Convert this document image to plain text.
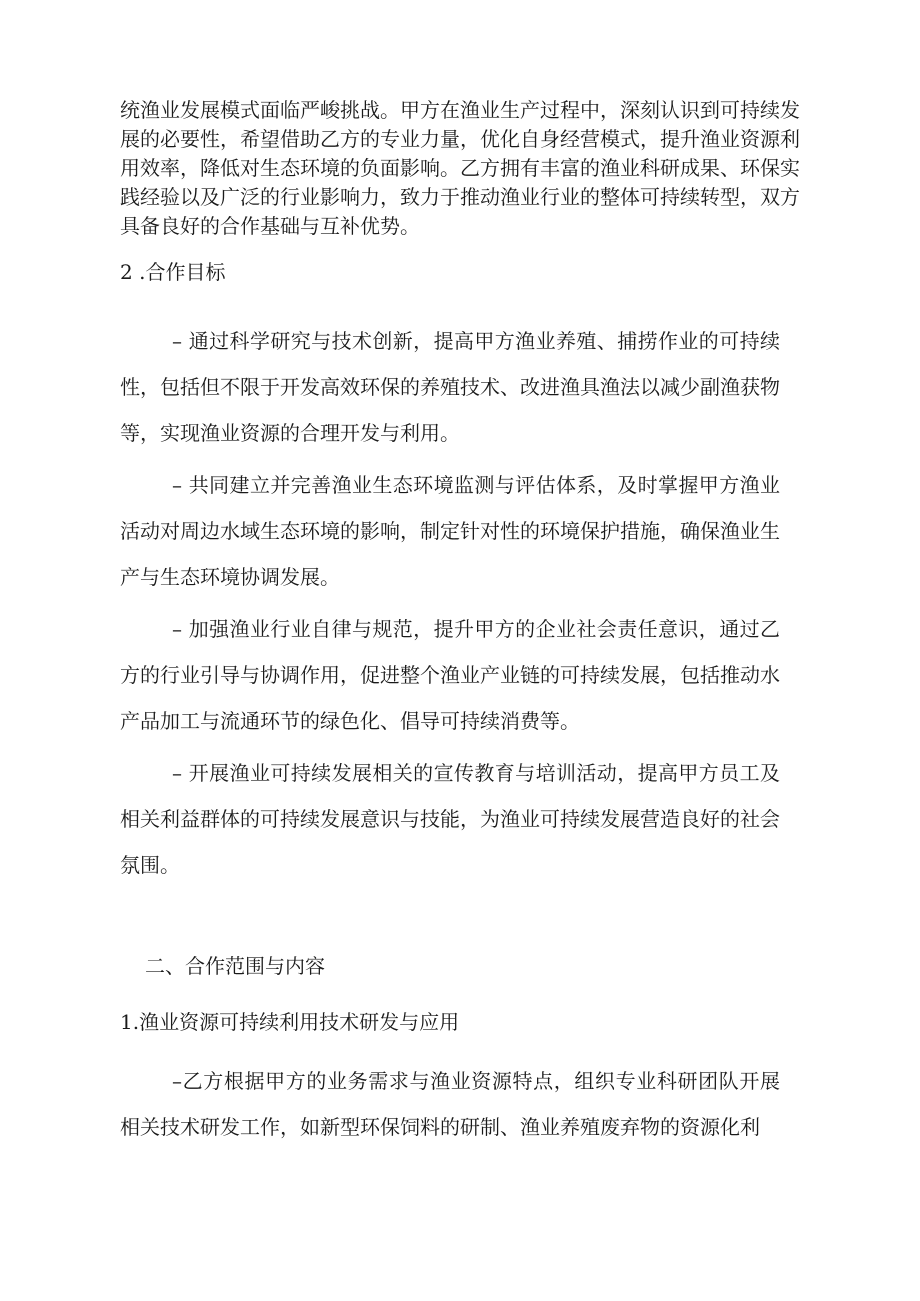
统渔业发展模式面临严峻挑战。甲方在渔业生产过程中，深刻认识到可持续发展的必要性，希望借助乙方的专业力量，优化自身经营模式，提升渔业资源利用效率，降低对生态环境的负面影响。乙方拥有丰富的渔业科研成果、环保实践经验以及广泛的行业影响力，致力于推动渔业行业的整体可持续转型，双方具备良好的合作基础与互补优势。

2 .合作目标

– 通过科学研究与技术创新，提高甲方渔业养殖、捕捞作业的可持续性，包括但不限于开发高效环保的养殖技术、改进渔具渔法以减少副渔获物等，实现渔业资源的合理开发与利用。

– 共同建立并完善渔业生态环境监测与评估体系，及时掌握甲方渔业活动对周边水域生态环境的影响，制定针对性的环境保护措施，确保渔业生产与生态环境协调发展。

– 加强渔业行业自律与规范，提升甲方的企业社会责任意识，通过乙方的行业引导与协调作用，促进整个渔业产业链的可持续发展，包括推动水产品加工与流通环节的绿色化、倡导可持续消费等。

– 开展渔业可持续发展相关的宣传教育与培训活动，提高甲方员工及相关利益群体的可持续发展意识与技能，为渔业可持续发展营造良好的社会氛围。

二、合作范围与内容
1.渔业资源可持续利用技术研发与应用

–乙方根据甲方的业务需求与渔业资源特点，组织专业科研团队开展相关技术研发工作，如新型环保饲料的研制、渔业养殖废弃物的资源化利
